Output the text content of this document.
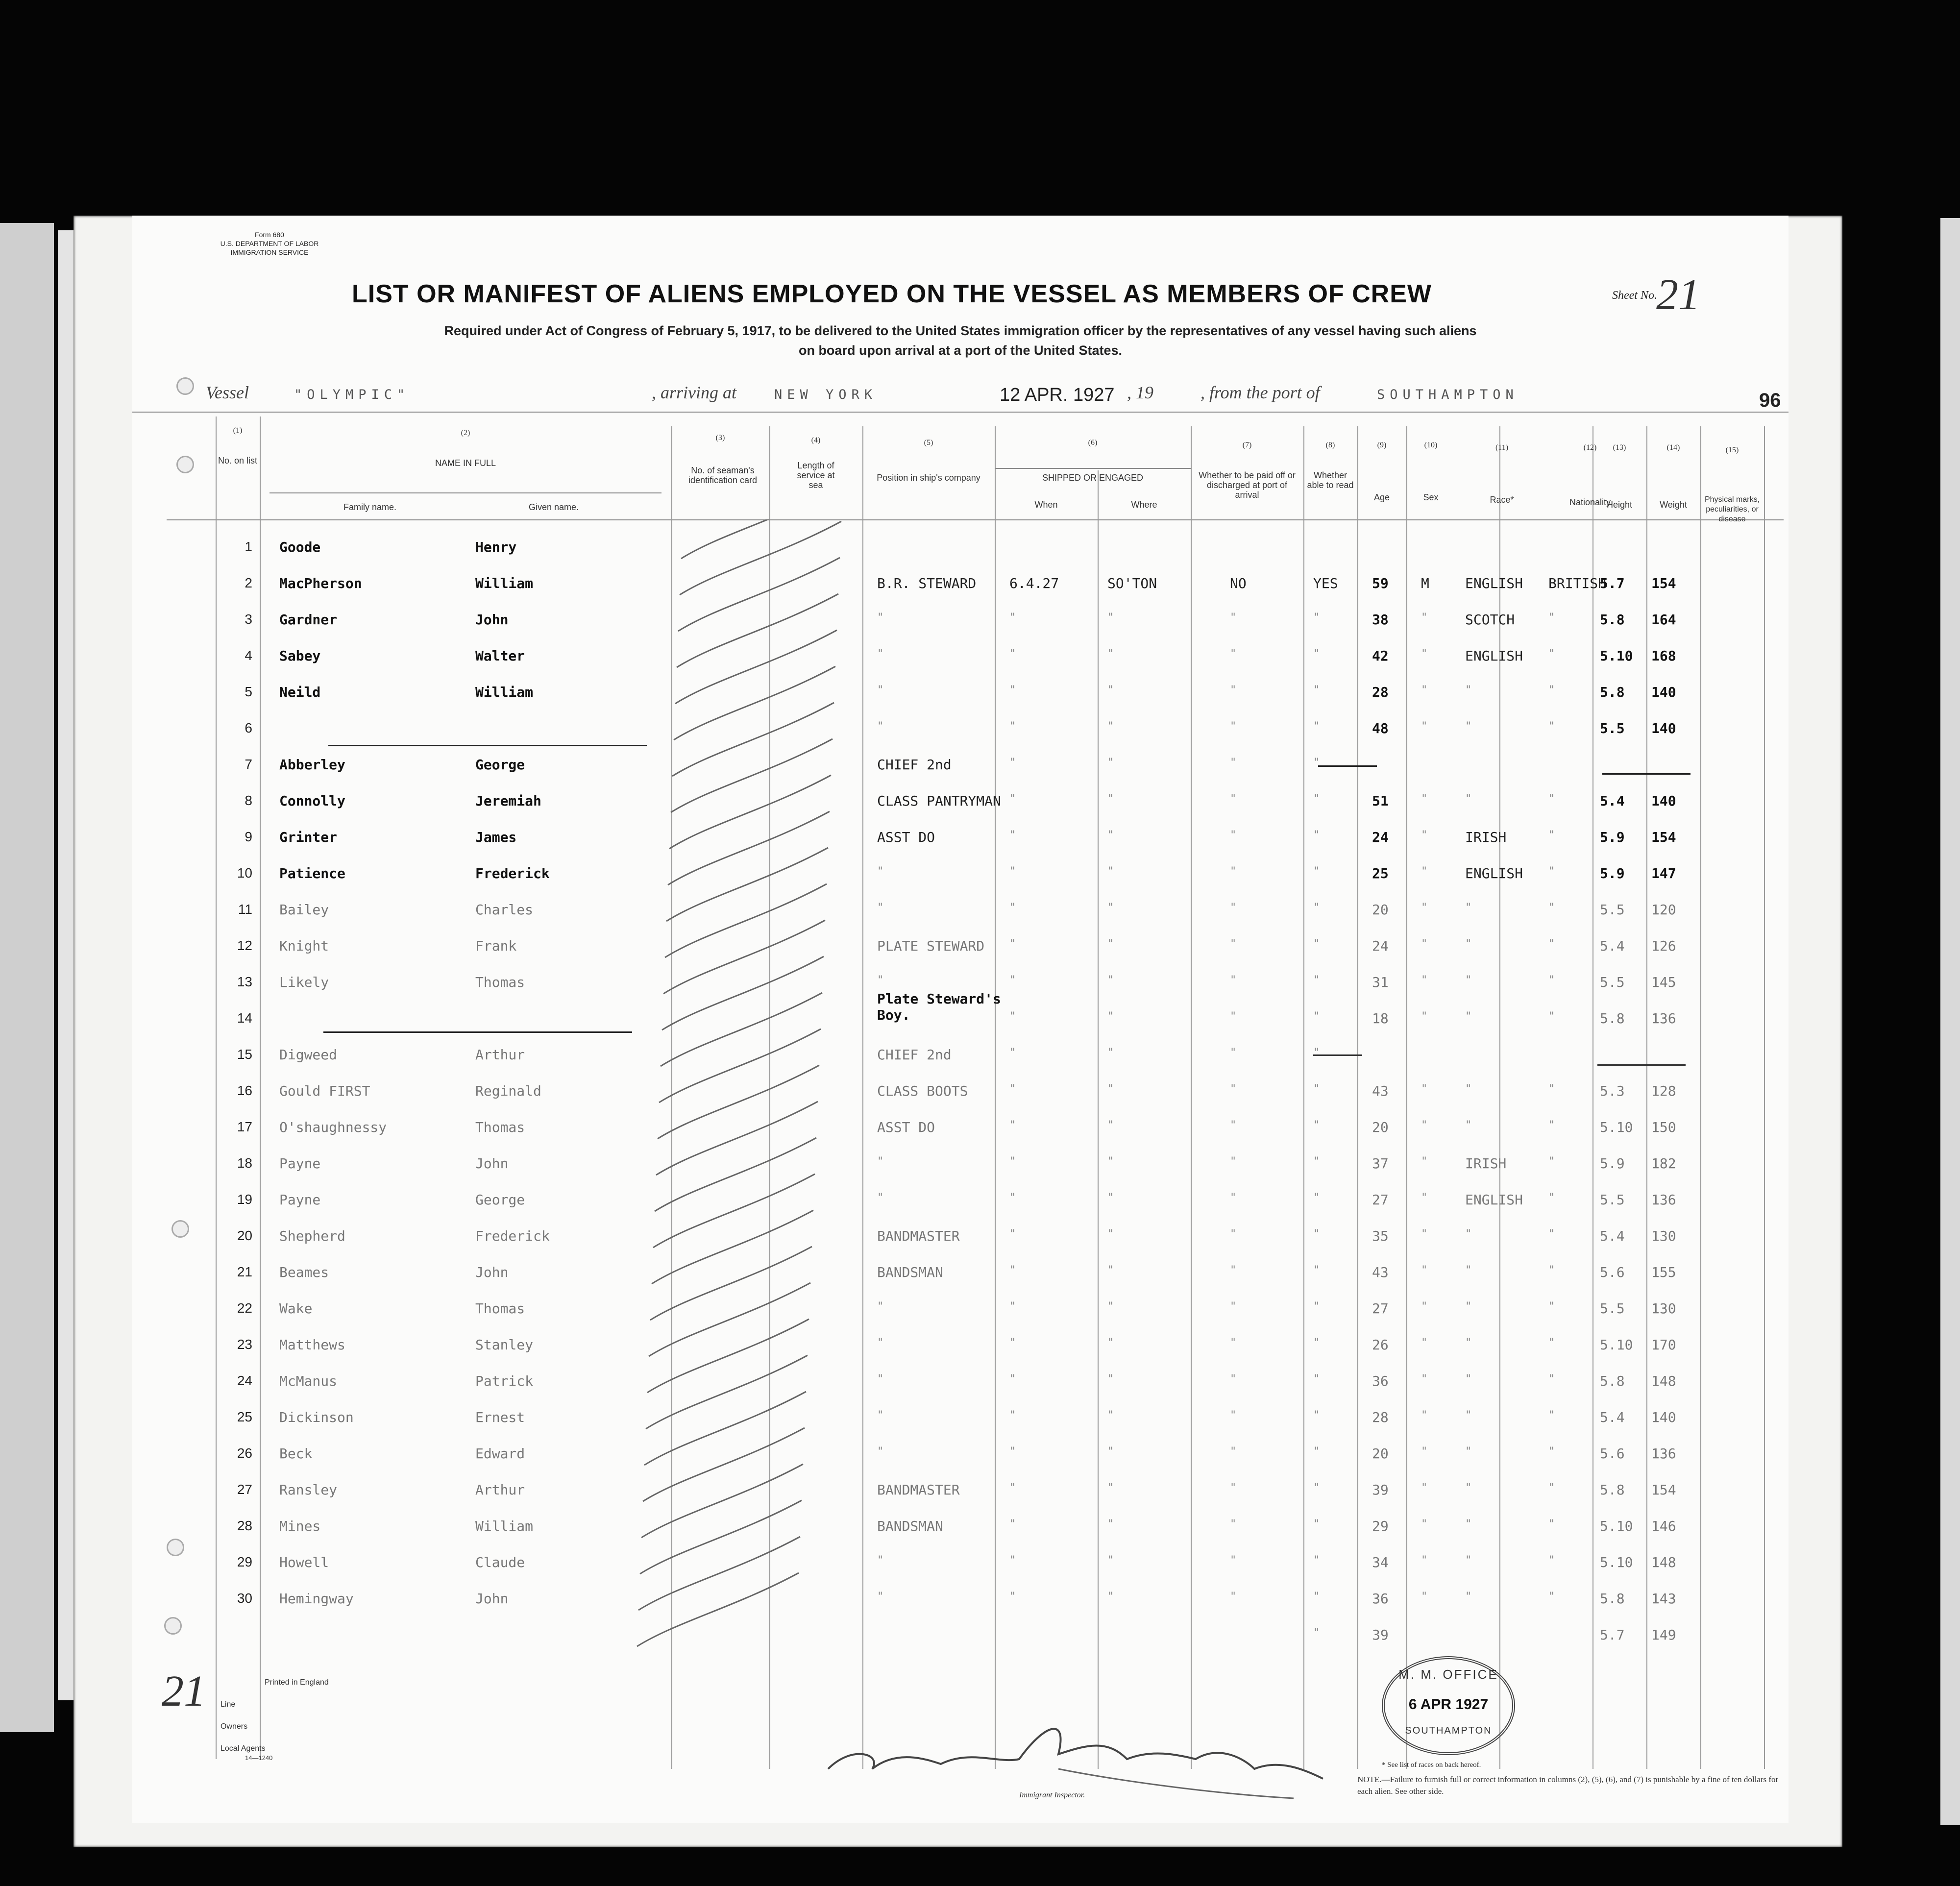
Form 680
U.S. DEPARTMENT OF LABOR
IMMIGRATION SERVICE
LIST OR MANIFEST OF ALIENS EMPLOYED ON THE VESSEL AS MEMBERS OF CREW
Required under Act of Congress of February 5, 1917, to be delivered to the United States immigration officer by the representatives of any vessel having such aliens
on board upon arrival at a port of the United States.
Sheet No.
21
Vessel	"OLYMPIC"	, arriving at	NEW YORK	12 APR. 1927 , 19	, from the port of	SOUTHAMPTON	96
(1)	(2)
(3)	(4)	(5)	(6)	(7)	(8)	(9)	(10)	(11)	(12)	(13)	(14)	(15)
No. on list	NAME IN FULL
Family name.	Given name.
No. of seaman's identification card
Length of service at sea
Position in ship's company	SHIPPED OR ENGAGED
When	Where
Whether to be paid off or discharged at port of arrival
Whether able to read
Age	Sex	Race*	Nationality
Height	Weight
Physical marks, peculiarities, or disease
1 Goode	Henry
2 MacPherson	William	B.R. STEWARD 6.4.27	SO'TON	NO	YES 59 M	ENGLISH BRITISH
5.7 154
3 Gardner	John	"	"	"	"	"	38	"	SCOTCH	"	5.8 164
4 Sabey	Walter	"	"	"	"	"	42	"	ENGLISH "	5.10 168
5 Neild	William	"	"	"	"	"	28	"	"	"	5.8 140
6	"	"	"	"	"	48	"	"	"	5.5 140
7 Abberley	George	CHIEF 2nd	"	"	"	"
8 Connolly	Jeremiah	CLASS PANTRYMAN "	"	"	"	51	"	"	"	5.4 140
9 Grinter	James	ASST DO	"	"	"	"	24	"	IRISH	"	5.9 154
10 Patience	Frederick	"	"	"	"	"	25	"	ENGLISH "	5.9 147
11 Bailey	Charles	"	"	"	"	"	20	"	"	"	5.5 120
12 Knight	Frank	PLATE STEWARD "	"	"	"	24	"	"	"	5.4 126
13 Likely	Thomas	"	"	"	"	"	31	"	"	"	5.5 145
14
Plate Steward's Boy.	"	"	"	"	18	"	"	"	5.8 136
15 Digweed	Arthur	CHIEF 2nd	"	"	"	"
16 Gould FIRST	Reginald	CLASS BOOTS	"	"	"	"	43	"	"	"	5.3 128
17 O'shaughnessy	Thomas	ASST DO	"	"	"	"	20	"	"	"	5.10 150
18 Payne	John	"	"	"	"	"	37	"	IRISH	"	5.9 182
19 Payne	George	"	"	"	"	"	27	"	ENGLISH "	5.5 136
20 Shepherd	Frederick	BANDMASTER	"	"	"	"	35	"	"	"	5.4 130
21 Beames	John	BANDSMAN	"	"	"	"	43	"	"	"	5.6 155
22 Wake	Thomas	"	"	"	"	"	27	"	"	"	5.5 130
23 Matthews	Stanley	"	"	"	"	"	26	"	"	"	5.10 170
24 McManus	Patrick	"	"	"	"	"	36	"	"	"	5.8 148
25 Dickinson	Ernest	"	"	"	"	"	28	"	"	"	5.4 140
26 Beck	Edward	"	"	"	"	"	20	"	"	"	5.6 136
27 Ransley	Arthur	BANDMASTER	"	"	"	"	39	"	"	"	5.8 154
28 Mines	William	BANDSMAN	"	"	"	"	29	"	"	"	5.10 146
29 Howell	Claude	"	"	"	"	"	34	"	"	"	5.10 148
30 Hemingway	John	"	"	"	"	"	36	"	"	"	5.8 143
"	39	5.7 149
21	Printed in England
Line
Owners
Local Agents
14—1240
Immigrant Inspector.
M. M. OFFICE
6 APR 1927
SOUTHAMPTON
* See list of races on back hereof.
NOTE.—Failure to furnish full or correct information in columns (2), (5), (6), and (7) is punishable by a fine of ten dollars for each alien. See other side.
